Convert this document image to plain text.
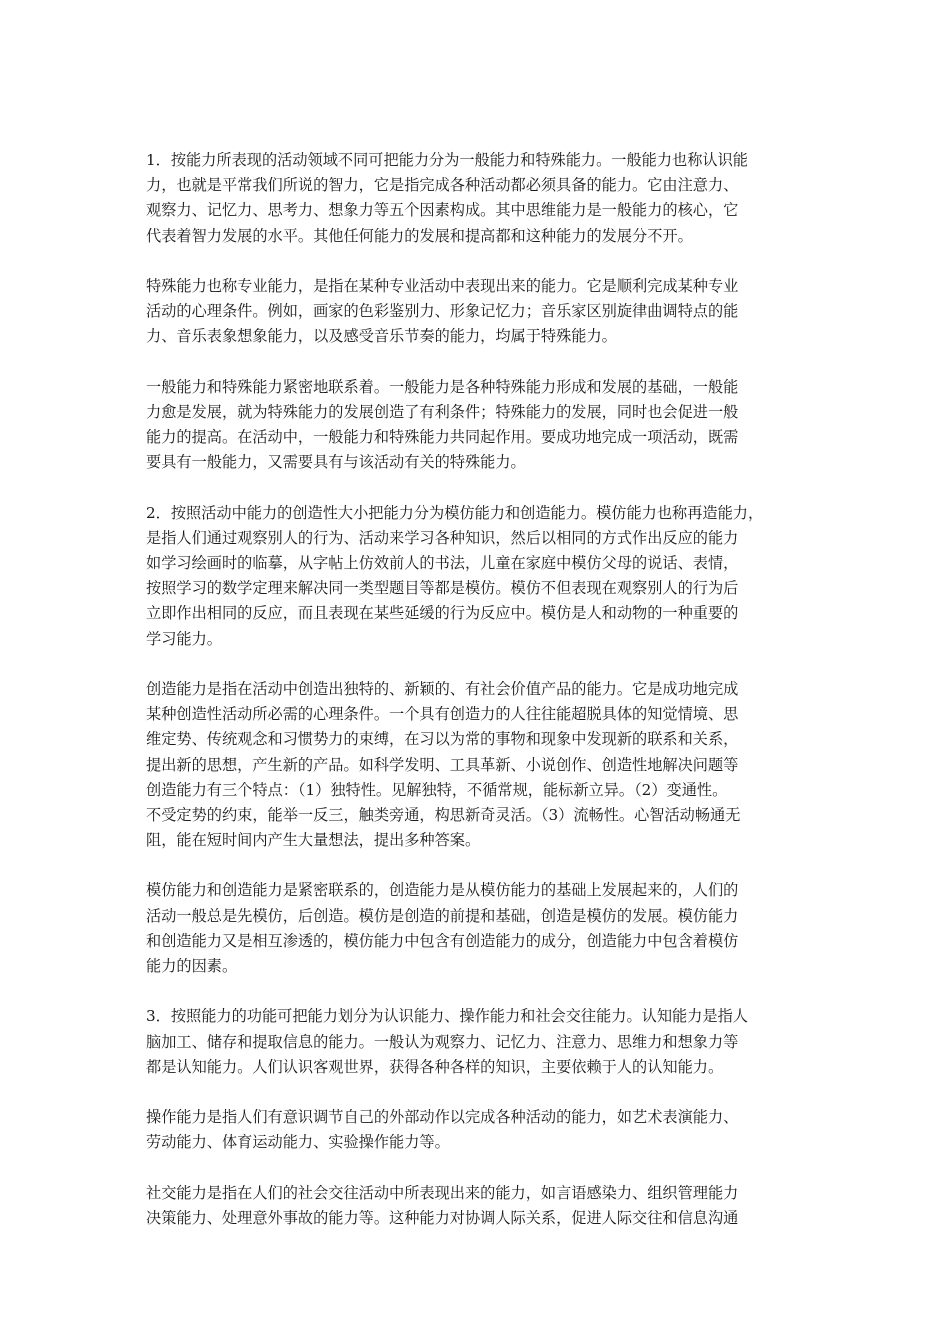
1．按能力所表现的活动领域不同可把能力分为一般能力和特殊能力。一般能力也称认识能
力，也就是平常我们所说的智力，它是指完成各种活动都必须具备的能力。它由注意力、
观察力、记忆力、思考力、想象力等五个因素构成。其中思维能力是一般能力的核心，它
代表着智力发展的水平。其他任何能力的发展和提高都和这种能力的发展分不开。
特殊能力也称专业能力，是指在某种专业活动中表现出来的能力。它是顺利完成某种专业
活动的心理条件。例如，画家的色彩鉴别力、形象记忆力；音乐家区别旋律曲调特点的能
力、音乐表象想象能力，以及感受音乐节奏的能力，均属于特殊能力。
一般能力和特殊能力紧密地联系着。一般能力是各种特殊能力形成和发展的基础，一般能
力愈是发展，就为特殊能力的发展创造了有利条件；特殊能力的发展，同时也会促进一般
能力的提高。在活动中，一般能力和特殊能力共同起作用。要成功地完成一项活动，既需
要具有一般能力，又需要具有与该活动有关的特殊能力。
2．按照活动中能力的创造性大小把能力分为模仿能力和创造能力。模仿能力也称再造能力，
是指人们通过观察别人的行为、活动来学习各种知识，然后以相同的方式作出反应的能力
如学习绘画时的临摹，从字帖上仿效前人的书法，儿童在家庭中模仿父母的说话、表情，
按照学习的数学定理来解决同一类型题目等都是模仿。模仿不但表现在观察别人的行为后
立即作出相同的反应，而且表现在某些延缓的行为反应中。模仿是人和动物的一种重要的
学习能力。
创造能力是指在活动中创造出独特的、新颖的、有社会价值产品的能力。它是成功地完成
某种创造性活动所必需的心理条件。一个具有创造力的人往往能超脱具体的知觉情境、思
维定势、传统观念和习惯势力的束缚，在习以为常的事物和现象中发现新的联系和关系，
提出新的思想，产生新的产品。如科学发明、工具革新、小说创作、创造性地解决问题等
创造能力有三个特点：（1）独特性。见解独特，不循常规，能标新立异。（2）变通性。
不受定势的约束，能举一反三，触类旁通，构思新奇灵活。（3）流畅性。心智活动畅通无
阻，能在短时间内产生大量想法，提出多种答案。
模仿能力和创造能力是紧密联系的，创造能力是从模仿能力的基础上发展起来的，人们的
活动一般总是先模仿，后创造。模仿是创造的前提和基础，创造是模仿的发展。模仿能力
和创造能力又是相互渗透的，模仿能力中包含有创造能力的成分，创造能力中包含着模仿
能力的因素。
3．按照能力的功能可把能力划分为认识能力、操作能力和社会交往能力。认知能力是指人
脑加工、储存和提取信息的能力。一般认为观察力、记忆力、注意力、思维力和想象力等
都是认知能力。人们认识客观世界，获得各种各样的知识，主要依赖于人的认知能力。
操作能力是指人们有意识调节自己的外部动作以完成各种活动的能力，如艺术表演能力、
劳动能力、体育运动能力、实验操作能力等。
社交能力是指在人们的社会交往活动中所表现出来的能力，如言语感染力、组织管理能力
决策能力、处理意外事故的能力等。这种能力对协调人际关系，促进人际交往和信息沟通
